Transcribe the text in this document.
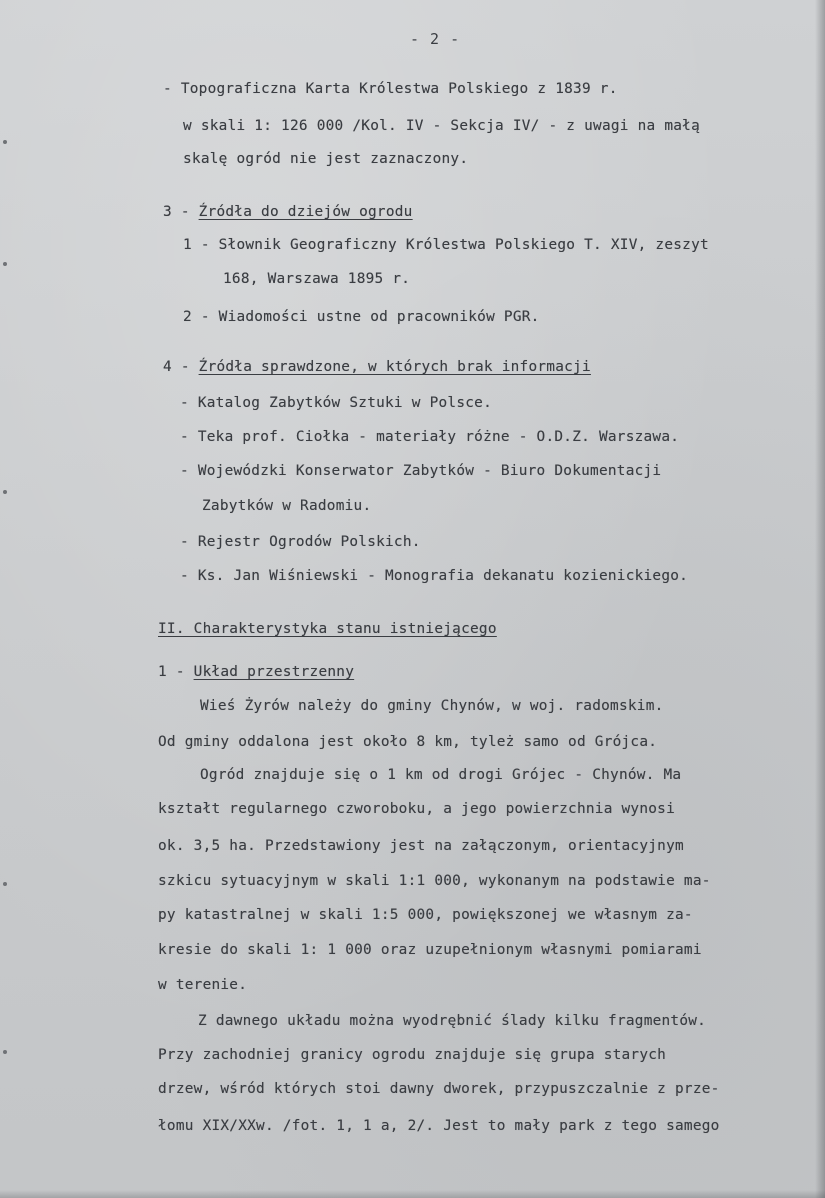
- 2 -
- Topograficzna Karta Królestwa Polskiego z 1839 r.
w skali 1: 126 000 /Kol. IV - Sekcja IV/ - z uwagi na małą
skalę ogród nie jest zaznaczony.
3 - Źródła do dziejów ogrodu
1 - Słownik Geograficzny Królestwa Polskiego T. XIV, zeszyt
168, Warszawa 1895 r.
2 - Wiadomości ustne od pracowników PGR.
4 - Źródła sprawdzone, w których brak informacji
- Katalog Zabytków Sztuki w Polsce.
- Teka prof. Ciołka - materiały różne - O.D.Z. Warszawa.
- Wojewódzki Konserwator Zabytków - Biuro Dokumentacji
Zabytków w Radomiu.
- Rejestr Ogrodów Polskich.
- Ks. Jan Wiśniewski - Monografia dekanatu kozienickiego.
II. Charakterystyka stanu istniejącego
1 - Układ przestrzenny
Wieś Żyrów należy do gminy Chynów, w woj. radomskim.
Od gminy oddalona jest około 8 km, tyleż samo od Grójca.
Ogród znajduje się o 1 km od drogi Grójec - Chynów. Ma
kształt regularnego czworoboku, a jego powierzchnia wynosi
ok. 3,5 ha. Przedstawiony jest na załączonym, orientacyjnym
szkicu sytuacyjnym w skali 1:1 000, wykonanym na podstawie ma-
py katastralnej w skali 1:5 000, powiększonej we własnym za-
kresie do skali 1: 1 000 oraz uzupełnionym własnymi pomiarami
w terenie.
Z dawnego układu można wyodrębnić ślady kilku fragmentów.
Przy zachodniej granicy ogrodu znajduje się grupa starych
drzew, wśród których stoi dawny dworek, przypuszczalnie z prze-
łomu XIX/XXw. /fot. 1, 1 a, 2/. Jest to mały park z tego samego
